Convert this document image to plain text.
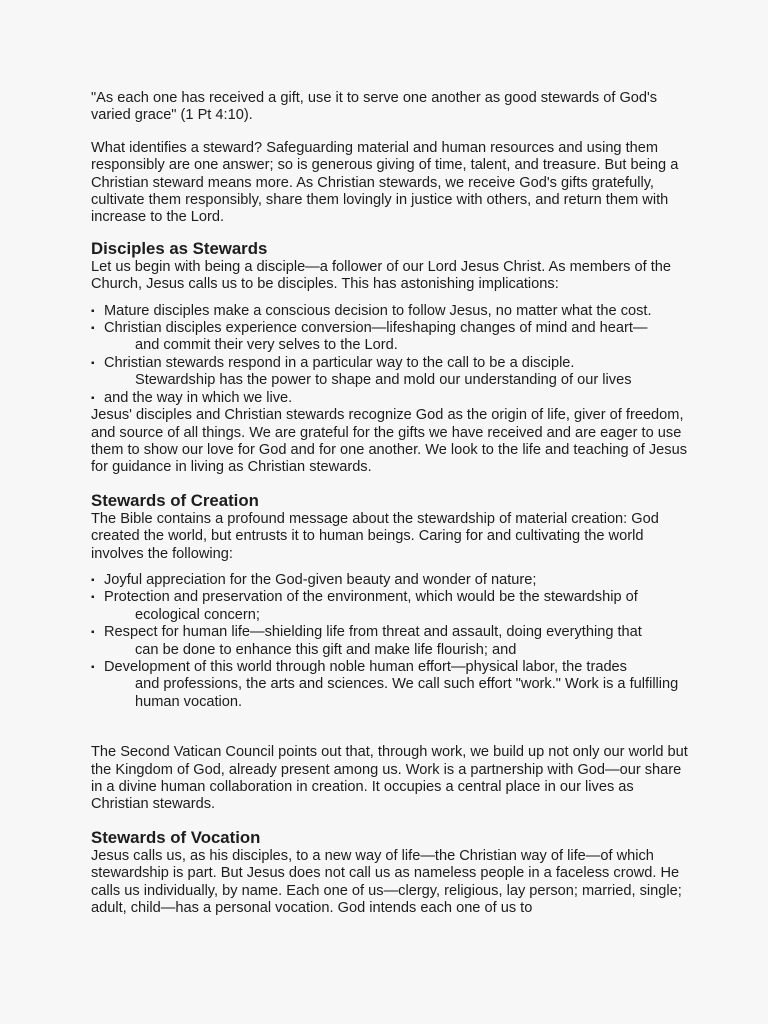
"As each one has received a gift, use it to serve one another as good stewards of God's varied grace" (1 Pt 4:10).

What identifies a steward? Safeguarding material and human resources and using them responsibly are one answer; so is generous giving of time, talent, and treasure. But being a Christian steward means more. As Christian stewards, we receive God's gifts gratefully, cultivate them responsibly, share them lovingly in justice with others, and return them with increase to the Lord.

Disciples as Stewards

Let us begin with being a disciple—a follower of our Lord Jesus Christ. As members of the Church, Jesus calls us to be disciples. This has astonishing implications:

▪ Mature disciples make a conscious decision to follow Jesus, no matter what the cost.
▪ Christian disciples experience conversion—lifeshaping changes of mind and heart—
and commit their very selves to the Lord.
▪ Christian stewards respond in a particular way to the call to be a disciple.
Stewardship has the power to shape and mold our understanding of our lives
▪ and the way in which we live.

Jesus' disciples and Christian stewards recognize God as the origin of life, giver of freedom, and source of all things. We are grateful for the gifts we have received and are eager to use them to show our love for God and for one another. We look to the life and teaching of Jesus for guidance in living as Christian stewards.

Stewards of Creation

The Bible contains a profound message about the stewardship of material creation: God created the world, but entrusts it to human beings. Caring for and cultivating the world involves the following:

▪ Joyful appreciation for the God-given beauty and wonder of nature;
▪ Protection and preservation of the environment, which would be the stewardship of
ecological concern;
▪ Respect for human life—shielding life from threat and assault, doing everything that
can be done to enhance this gift and make life flourish; and
▪ Development of this world through noble human effort—physical labor, the trades
and professions, the arts and sciences. We call such effort "work." Work is a fulfilling human vocation.

The Second Vatican Council points out that, through work, we build up not only our world but the Kingdom of God, already present among us. Work is a partnership with God—our share in a divine human collaboration in creation. It occupies a central place in our lives as Christian stewards.

Stewards of Vocation

Jesus calls us, as his disciples, to a new way of life—the Christian way of life—of which stewardship is part. But Jesus does not call us as nameless people in a faceless crowd. He calls us individually, by name. Each one of us—clergy, religious, lay person; married, single; adult, child—has a personal vocation. God intends each one of us to
